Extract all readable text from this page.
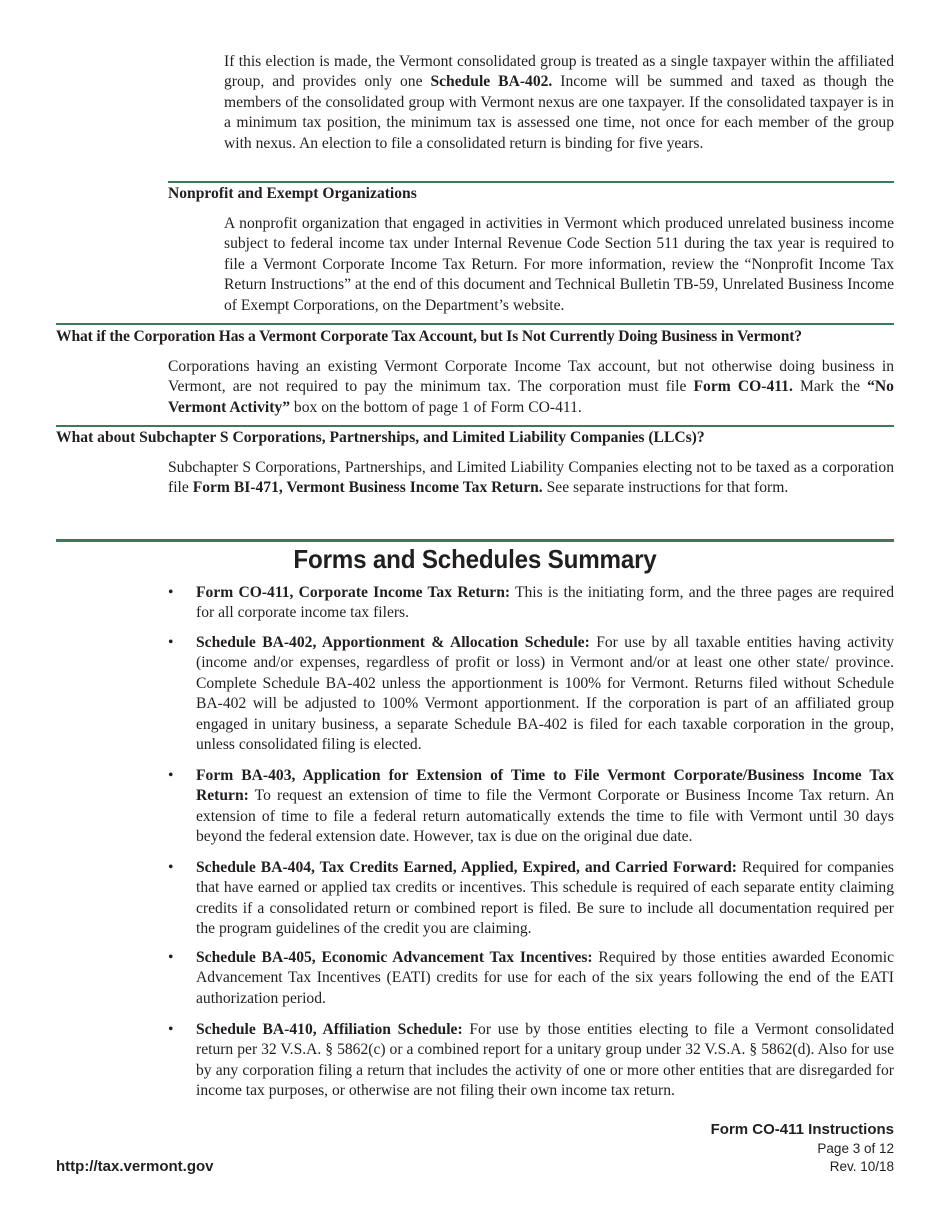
If this election is made, the Vermont consolidated group is treated as a single taxpayer within the affiliated group, and provides only one Schedule BA-402. Income will be summed and taxed as though the members of the consolidated group with Vermont nexus are one taxpayer. If the consolidated taxpayer is in a minimum tax position, the minimum tax is assessed one time, not once for each member of the group with nexus. An election to file a consolidated return is binding for five years.

Nonprofit and Exempt Organizations

A nonprofit organization that engaged in activities in Vermont which produced unrelated business income subject to federal income tax under Internal Revenue Code Section 511 during the tax year is required to file a Vermont Corporate Income Tax Return. For more information, review the “Nonprofit Income Tax Return Instructions” at the end of this document and Technical Bulletin TB-59, Unrelated Business Income of Exempt Corporations, on the Department’s website.

What if the Corporation Has a Vermont Corporate Tax Account, but Is Not Currently Doing Business in Vermont?

Corporations having an existing Vermont Corporate Income Tax account, but not otherwise doing business in Vermont, are not required to pay the minimum tax. The corporation must file Form CO-411. Mark the “No Vermont Activity” box on the bottom of page 1 of Form CO-411.

What about Subchapter S Corporations, Partnerships, and Limited Liability Companies (LLCs)?

Subchapter S Corporations, Partnerships, and Limited Liability Companies electing not to be taxed as a corporation file Form BI-471, Vermont Business Income Tax Return. See separate instructions for that form.

Forms and Schedules Summary
• Form CO-411, Corporate Income Tax Return: This is the initiating form, and the three pages are required for all corporate income tax filers.

• Schedule BA-402, Apportionment & Allocation Schedule: For use by all taxable entities having activity (income and/or expenses, regardless of profit or loss) in Vermont and/or at least one other state/ province. Complete Schedule BA-402 unless the apportionment is 100% for Vermont. Returns filed without Schedule BA-402 will be adjusted to 100% Vermont apportionment. If the corporation is part of an affiliated group engaged in unitary business, a separate Schedule BA-402 is filed for each taxable corporation in the group, unless consolidated filing is elected.

• Form BA-403, Application for Extension of Time to File Vermont Corporate/Business Income Tax Return: To request an extension of time to file the Vermont Corporate or Business Income Tax return. An extension of time to file a federal return automatically extends the time to file with Vermont until 30 days beyond the federal extension date. However, tax is due on the original due date.

• Schedule BA-404, Tax Credits Earned, Applied, Expired, and Carried Forward: Required for companies that have earned or applied tax credits or incentives. This schedule is required of each separate entity claiming credits if a consolidated return or combined report is filed. Be sure to include all documentation required per the program guidelines of the credit you are claiming.

• Schedule BA-405, Economic Advancement Tax Incentives: Required by those entities awarded Economic Advancement Tax Incentives (EATI) credits for use for each of the six years following the end of the EATI authorization period.

• Schedule BA-410, Affiliation Schedule: For use by those entities electing to file a Vermont consolidated return per 32 V.S.A. § 5862(c) or a combined report for a unitary group under 32 V.S.A. § 5862(d). Also for use by any corporation filing a return that includes the activity of one or more other entities that are disregarded for income tax purposes, or otherwise are not filing their own income tax return.

Form CO-411 Instructions
Page 3 of 12
Rev. 10/18
http://tax.vermont.gov
